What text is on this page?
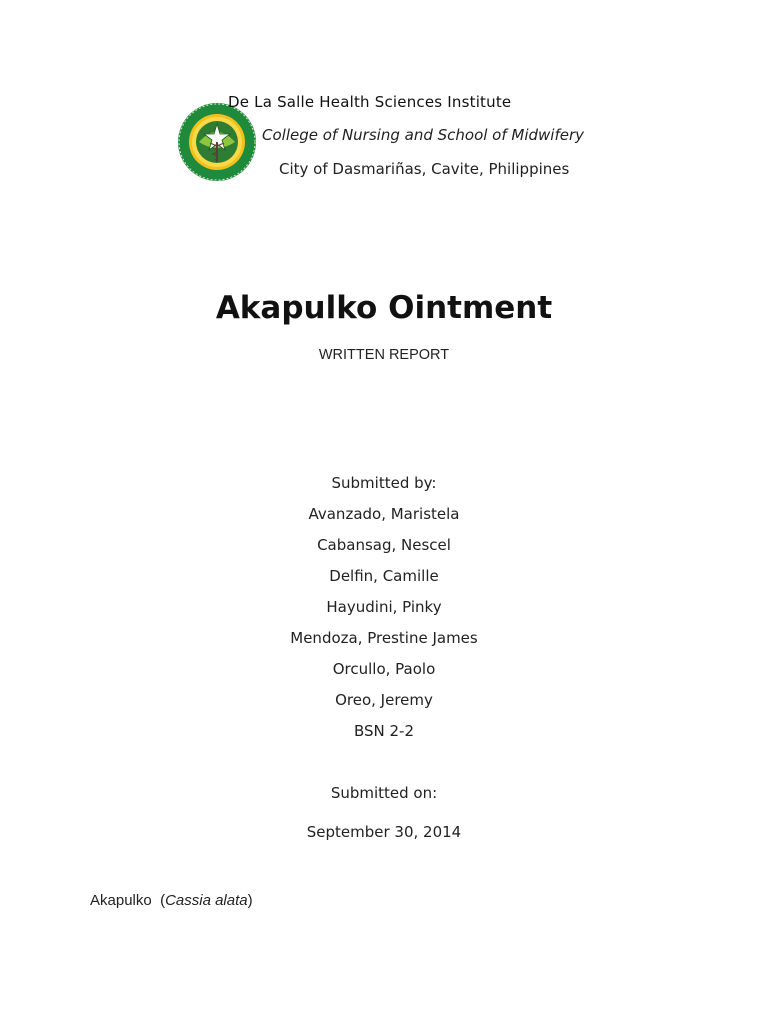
De La Salle Health Sciences Institute
College of Nursing and School of Midwifery
City of Dasmariñas, Cavite, Philippines
Akapulko Ointment
WRITTEN REPORT
Submitted by:
Avanzado, Maristela
Cabansag, Nescel
Delfin, Camille
Hayudini, Pinky
Mendoza, Prestine James
Orcullo, Paolo
Oreo, Jeremy
BSN 2-2
Submitted on:
September 30, 2014
Akapulko (Cassia alata)
